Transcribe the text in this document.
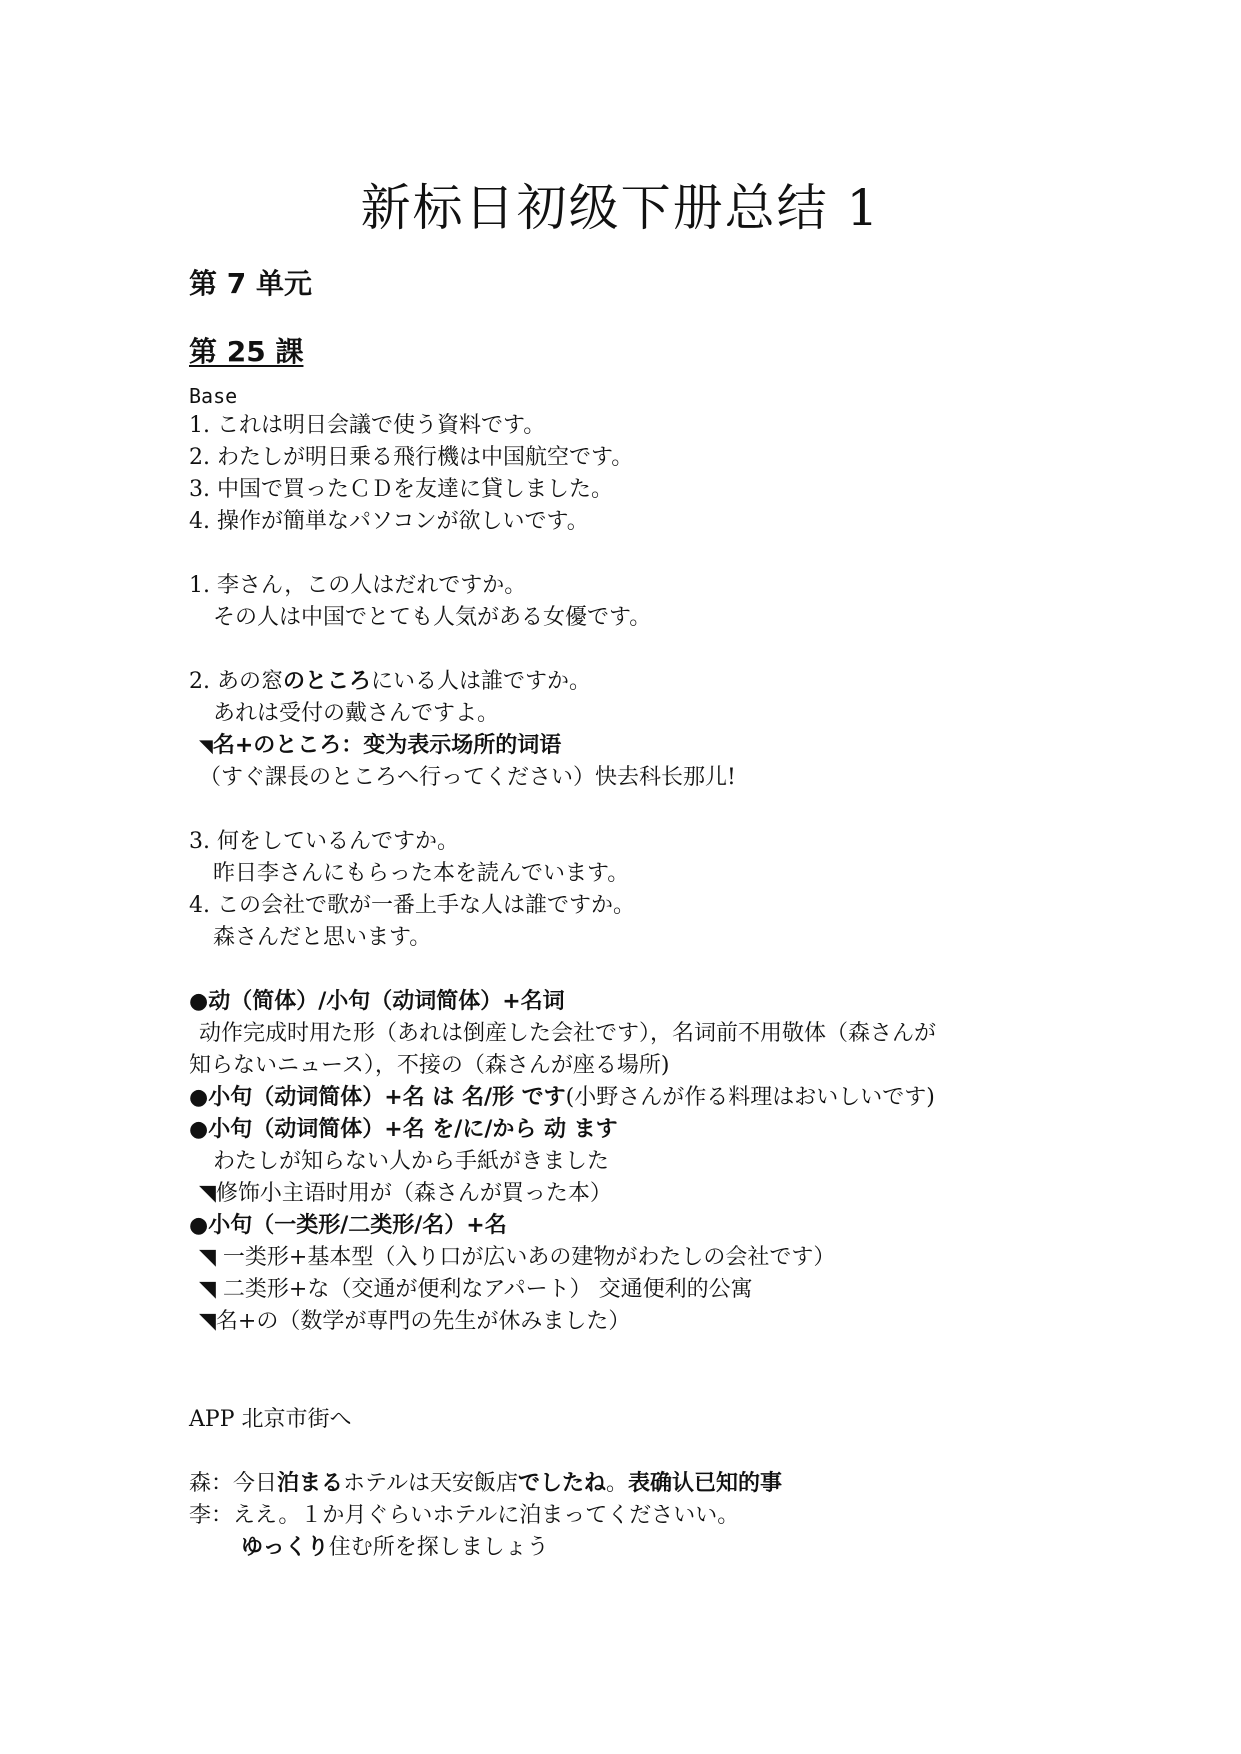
新标日初级下册总结 1
第 7 单元
第 25 課
Base
1. これは明日会議で使う資料です。
2. わたしが明日乗る飛行機は中国航空です。
3. 中国で買ったＣＤを友達に貸しました。
4. 操作が簡単なパソコンが欲しいです。
1. 李さん，この人はだれですか。
その人は中国でとても人気がある女優です。
2. あの窓のところにいる人は誰ですか。
あれは受付の戴さんですよ。
◥名+のところ：变为表示场所的词语
（すぐ課長のところへ行ってください）快去科长那儿!
3. 何をしているんですか。
昨日李さんにもらった本を読んでいます。
4. この会社で歌が一番上手な人は誰ですか。
森さんだと思います。
●动（简体）/小句（动词简体）+名词
动作完成时用た形（あれは倒産した会社です），名词前不用敬体（森さんが
知らないニュース），不接の（森さんが座る場所)
●小句（动词简体）+名 は 名/形 です(小野さんが作る料理はおいしいです)
●小句（动词简体）+名 を/に/から 动 ます
わたしが知らない人から手紙がきました
◥修饰小主语时用が（森さんが買った本）
●小句（一类形/二类形/名）+名
◥ 一类形+基本型（入り口が広いあの建物がわたしの会社です）
◥ 二类形+な（交通が便利なアパート） 交通便利的公寓
◥名+の（数学が専門の先生が休みました）
APP 北京市街へ
森：今日泊まるホテルは天安飯店でしたね。表确认已知的事
李：ええ。１か月ぐらいホテルに泊まってくださいい。
ゆっくり住む所を探しましょう
